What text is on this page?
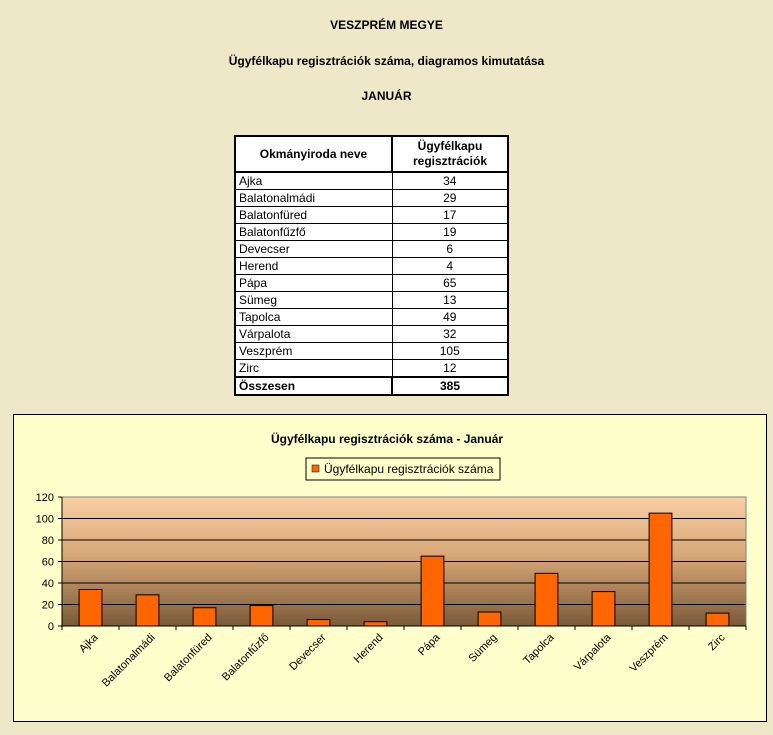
VESZPRÉM MEGYE
Ügyfélkapu regisztrációk száma, diagramos kimutatása
JANUÁR
Okmányiroda neve	Ügyfélkapu
regisztrációk

Ajka	34
Balatonalmádi	29
Balatonfüred	17
Balatonfűzfő	19
Devecser	6
Herend	4
Pápa	65
Sümeg	13
Tapolca	49
Várpalota	32
Veszprém	105
Zirc	12
Összesen	385
Ügyfélkapu regisztrációk száma - Január
Ügyfélkapu regisztrációk száma
0
20
40
60
80
100
120
Ajka Balatonalmádi Balatonfüred Balatonfűzfő Devecser Herend	Pápa Sümeg Tapolca Várpalota Veszprém	Zirc
